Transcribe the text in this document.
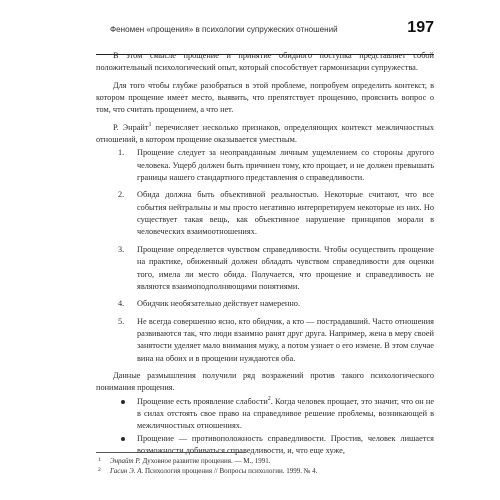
Феномен «прощения» в психологии супружеских отношений	197

В этом смысле прощение и принятие обидного поступка представляет собой положительный психологический опыт, который способствует гармонизации супружества.

Для того чтобы глубже разобраться в этой проблеме, попробуем определить контекст, в котором прощение имеет место, выявить, что препятствует прощению, прояснить вопрос о том, что считать прощением, а что нет.

Р. Энрайт$^1$ перечисляет несколько признаков, определяющих контекст межличностных отношений, в котором прощение оказывается уместным.

1.	Прощение следует за неоправданным личным ущемлением со стороны другого человека. Ущерб должен быть причинен тому, кто прощает, и не должен превышать границы нашего стандартного представления о справедливости.
2.	Обида должна быть объективной реальностью. Некоторые считают, что все события нейтральны и мы просто негативно интерпретируем некоторые из них. Но существует такая вещь, как объективное нарушение принципов морали в человеческих взаимоотношениях.
3.	Прощение определяется чувством справедливости. Чтобы осуществить прощение на практике, обиженный должен обладать чувством справедливости для оценки того, имела ли место обида. Получается, что прощение и справедливость не являются взаимоподполняющими понятиями.
4.	Обидчик необязательно действует намеренно.
5.	Не всегда совершенно ясно, кто обидчик, а кто — пострадавший. Часто отношения развиваются так, что люди взаимно ранят друг друга. Например, жена в меру своей занятости уделяет мало внимания мужу, а потом узнает о его измене. В этом случае вина на обоих и в прощении нуждаются оба.

Данные размышления получили ряд возражений против такого психологического понимания прощения.

Прощение есть проявление слабости$^2$. Когда человек прощает, это значит, что он не в силах отстоять свое право на справедливое решение проблемы, возникающей в межличностных отношениях.
Прощение — противоположность справедливости. Простив, человек лишается возможности добиваться справедливости, и, что еще хуже,
1 Энрайт Р. Духовное развитие прощения. — М., 1991.
2 Гасин Э. А. Психология прощения // Вопросы психологии. 1999. № 4.
